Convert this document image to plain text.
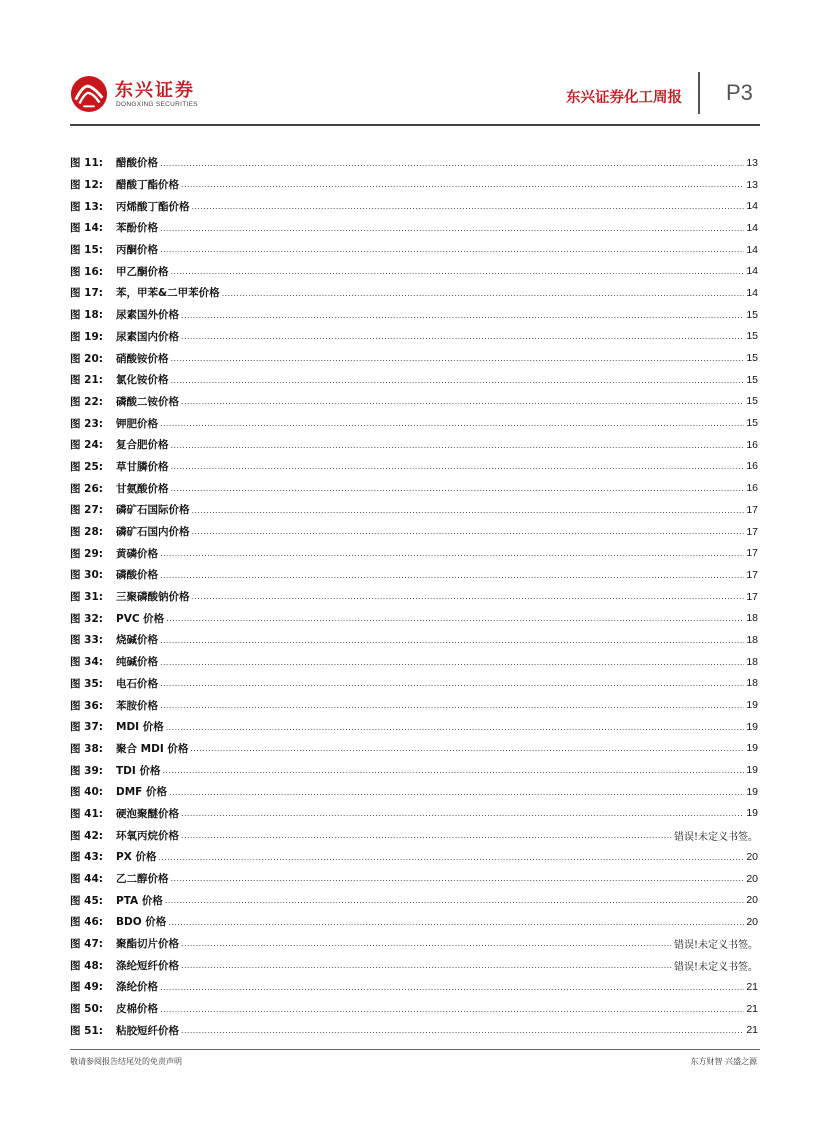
东兴证券
DONGXING SECURITIES	东兴证券化工周报 P3
图 11:	醋酸价格 .....	13
图 12:	醋酸丁酯价格 .....	13
图 13:	丙烯酸丁酯价格 .....	14
图 14:	苯酚价格 .....	14
图 15:	丙酮价格 .....	14
图 16:	甲乙酮价格 .....	14
图 17:	苯，甲苯&二甲苯价格 .....	14
图 18:	尿素国外价格 .....	15
图 19:	尿素国内价格 .....	15
图 20:	硝酸铵价格 .....	15
图 21:	氯化铵价格 .....	15
图 22:	磷酸二铵价格 .....	15
图 23:	钾肥价格 .....	15
图 24:	复合肥价格 .....	16
图 25:	草甘膦价格 .....	16
图 26:	甘氨酸价格 .....	16
图 27:	磷矿石国际价格 .....	17
图 28:	磷矿石国内价格 .....	17
图 29:	黄磷价格 .....	17
图 30:	磷酸价格 .....	17
图 31:	三聚磷酸钠价格 .....	17
图 32:	PVC 价格 .....	18
图 33:	烧碱价格 .....	18
图 34:	纯碱价格 .....	18
图 35:	电石价格 .....	18
图 36:	苯胺价格 .....	19
图 37:	MDI 价格 .....	19
图 38:	聚合 MDI 价格 .....	19
图 39:	TDI 价格 .....	19
图 40:	DMF 价格 .....	19
图 41:	硬泡聚醚价格 .....	19
图 42:	环氧丙烷价格 .....	错误!未定义书签。
图 43:	PX 价格 .....	20
图 44:	乙二醇价格 .....	20
图 45:	PTA 价格 .....	20
图 46:	BDO 价格 .....	20
图 47:	聚酯切片价格 .....	错误!未定义书签。
图 48:	涤纶短纤价格 .....	错误!未定义书签。
图 49:	涤纶价格 .....	21
图 50:	皮棉价格 .....	21
图 51:	粘胶短纤价格 .....	21
敬请参阅报告结尾处的免责声明	东方财智 兴盛之源
